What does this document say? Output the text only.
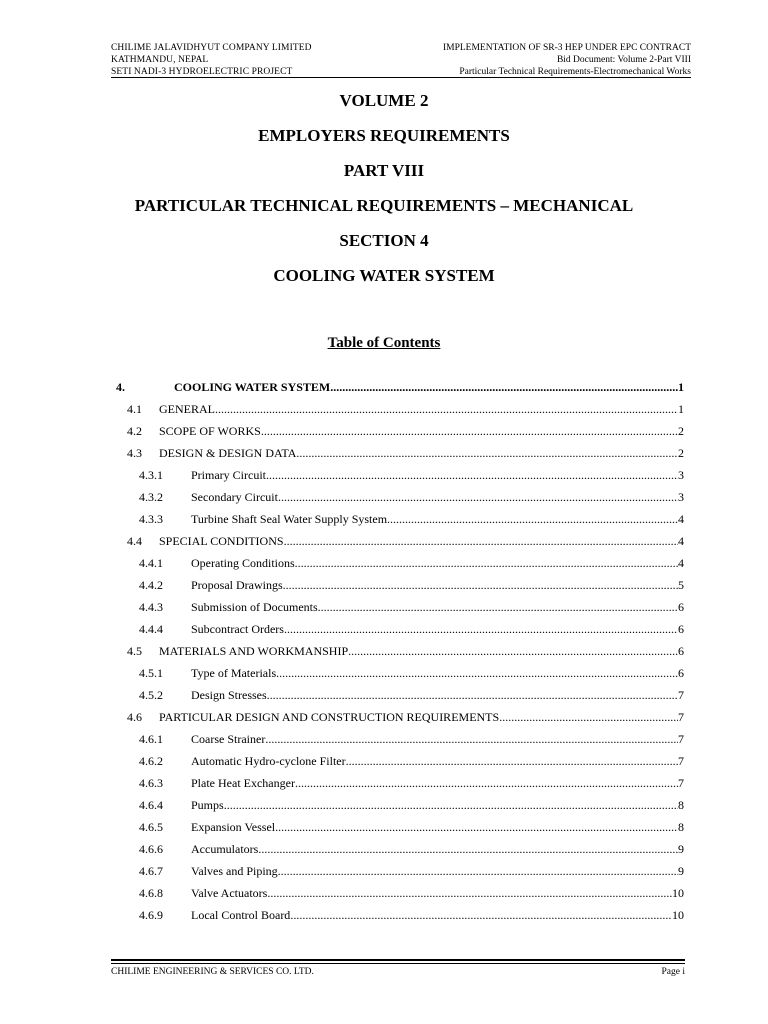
CHILIME JALAVIDHYUT COMPANY LIMITED	IMPLEMENTATION OF SR-3 HEP UNDER EPC CONTRACT
KATHMANDU, NEPAL	Bid Document: Volume 2-Part VIII
SETI NADI-3 HYDROELECTRIC PROJECT	Particular Technical Requirements-Electromechanical Works

VOLUME 2

EMPLOYERS REQUIREMENTS

PART VIII

PARTICULAR TECHNICAL REQUIREMENTS – MECHANICAL

SECTION 4

COOLING WATER SYSTEM

Table of Contents
4.	COOLING WATER SYSTEM .....	1
4.1	GENERAL .....	1
4.2	SCOPE OF WORKS .....	2
4.3	DESIGN & DESIGN DATA .....	2
4.3.1	Primary Circuit .....	3
4.3.2	Secondary Circuit .....	3
4.3.3	Turbine Shaft Seal Water Supply System .....	4
4.4	SPECIAL CONDITIONS .....	4
4.4.1	Operating Conditions .....	4
4.4.2	Proposal Drawings .....	5
4.4.3	Submission of Documents .....	6
4.4.4	Subcontract Orders .....	6
4.5	MATERIALS AND WORKMANSHIP .....	6
4.5.1	Type of Materials .....	6
4.5.2	Design Stresses .....	7
4.6	PARTICULAR DESIGN AND CONSTRUCTION REQUIREMENTS .....	7
4.6.1	Coarse Strainer .....	7
4.6.2	Automatic Hydro-cyclone Filter .....	7
4.6.3	Plate Heat Exchanger .....	7
4.6.4	Pumps .....	8
4.6.5	Expansion Vessel .....	8
4.6.6	Accumulators .....	9
4.6.7	Valves and Piping .....	9
4.6.8	Valve Actuators .....	10
4.6.9	Local Control Board .....	10
CHILIME ENGINEERING & SERVICES CO. LTD.	Page i
